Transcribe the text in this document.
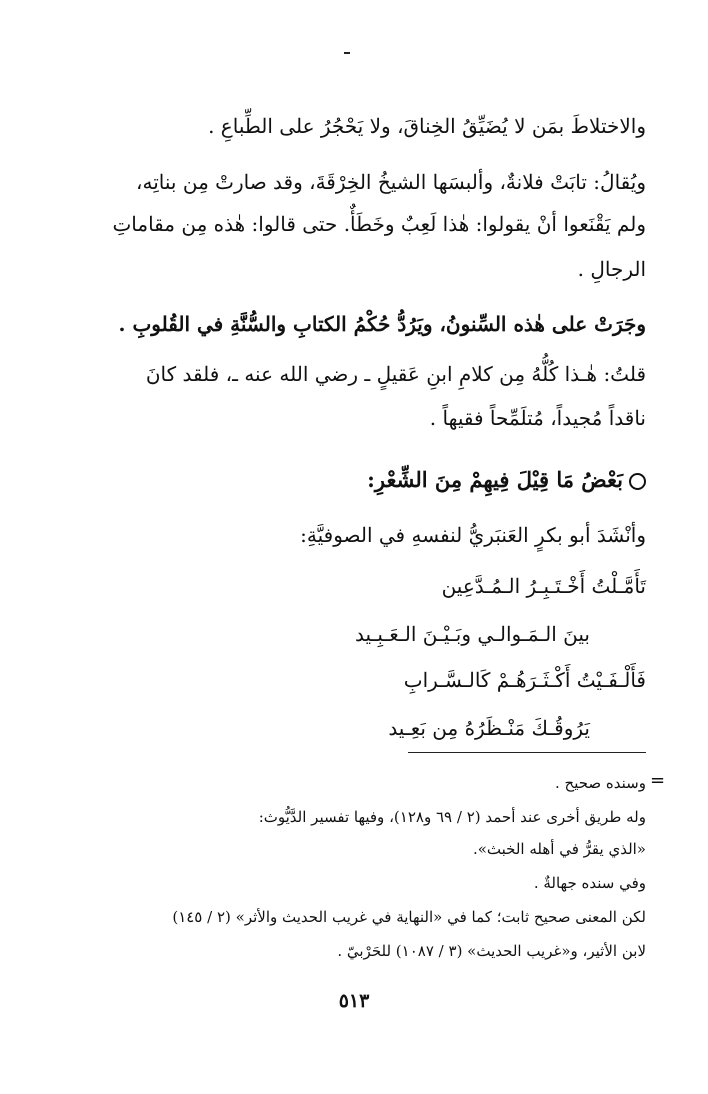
والاختلاطَ بمَن لا يُضَيِّقُ الخِناقَ، ولا يَحْجُرُ على الطِّباعِ .
ويُقالُ: تابَتْ فلانةٌ، وألبسَها الشيخُ الخِرْقَةَ، وقد صارتْ مِن بناتِه،
ولم يَقْنَعوا أنْ يقولوا: هٰذا لَعِبٌ وخَطَأٌ. حتى قالوا: هٰذه مِن مقاماتِ
الرجالِ .
وجَرَتْ على هٰذه السِّنونُ، ويَرُدُّ حُكْمُ الكتابِ والسُّنَّةِ في القُلوبِ .
قلتُ: هٰـذا كُلُّهُ مِن كلامِ ابنِ عَقيلٍ ـ رضي الله عنه ـ، فلقد كانَ
ناقداً مُجيداً، مُتلَمِّحاً فقيهاً .
بَعْضُ مَا قِيْلَ فِيهِمْ مِنَ الشِّعْرِ:
وأنْشَدَ أبو بكرٍ العَنبَريُّ لنفسهِ في الصوفيَّةِ:
تَأَمَّـلْتُ أَخْـتَـبِـرُ الـمُـدَّعِين
بينَ الـمَـوالـي وبَـيْـنَ الـعَـبِـيد
فَأَلْـفَـيْتُ أَكْـثَـرَهُـمْ كَالـسَّـرابِ
يَرُوقُـكَ مَنْـظَرُهُ مِن بَعِـيد
=
وسنده صحيح .
وله طريق أخرى عند أحمد (٢ / ٦٩ و١٢٨)، وفيها تفسير الدَّيُّوث:
«الذي يقرُّ في أهله الخبث».
وفي سنده جهالةٌ .
لكن المعنى صحيح ثابت؛ كما في «النهاية في غريب الحديث والأثر» (٢ / ١٤٥)
لابن الأثير، و«غريب الحديث» (٣ / ١٠٨٧) للحَرْبيّ .
٥١٣
